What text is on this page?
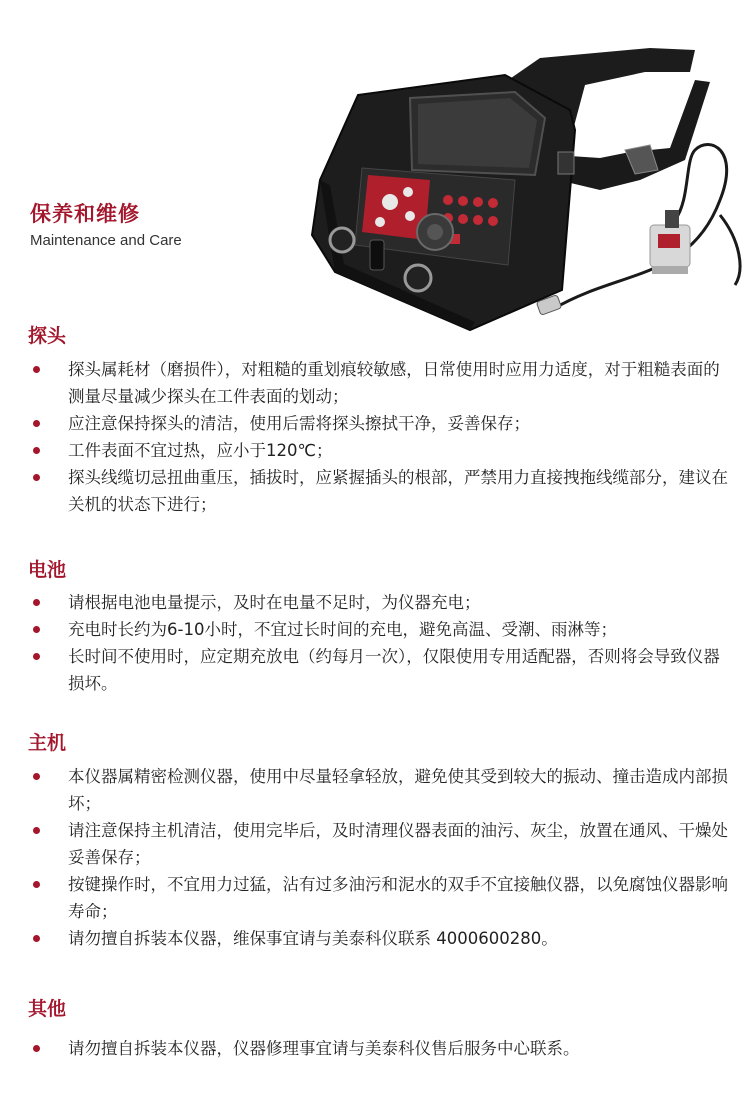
保养和维修
Maintenance and Care
探头
探头属耗材（磨损件），对粗糙的重划痕较敏感，日常使用时应用力适度，对于粗糙表面的测量尽量减少探头在工件表面的划动；
应注意保持探头的清洁，使用后需将探头擦拭干净，妥善保存；
工件表面不宜过热，应小于120℃；
探头线缆切忌扭曲重压，插拔时，应紧握插头的根部，严禁用力直接拽拖线缆部分，建议在关机的状态下进行；
电池
请根据电池电量提示，及时在电量不足时，为仪器充电；
充电时长约为6-10小时，不宜过长时间的充电，避免高温、受潮、雨淋等；
长时间不使用时，应定期充放电（约每月一次），仅限使用专用适配器，否则将会导致仪器损坏。
主机
本仪器属精密检测仪器，使用中尽量轻拿轻放，避免使其受到较大的振动、撞击造成内部损坏；
请注意保持主机清洁，使用完毕后，及时清理仪器表面的油污、灰尘，放置在通风、干燥处妥善保存；
按键操作时，不宜用力过猛，沾有过多油污和泥水的双手不宜接触仪器，以免腐蚀仪器影响寿命；
请勿擅自拆装本仪器，维保事宜请与美泰科仪联系 4000600280。
其他
请勿擅自拆装本仪器，仪器修理事宜请与美泰科仪售后服务中心联系。
